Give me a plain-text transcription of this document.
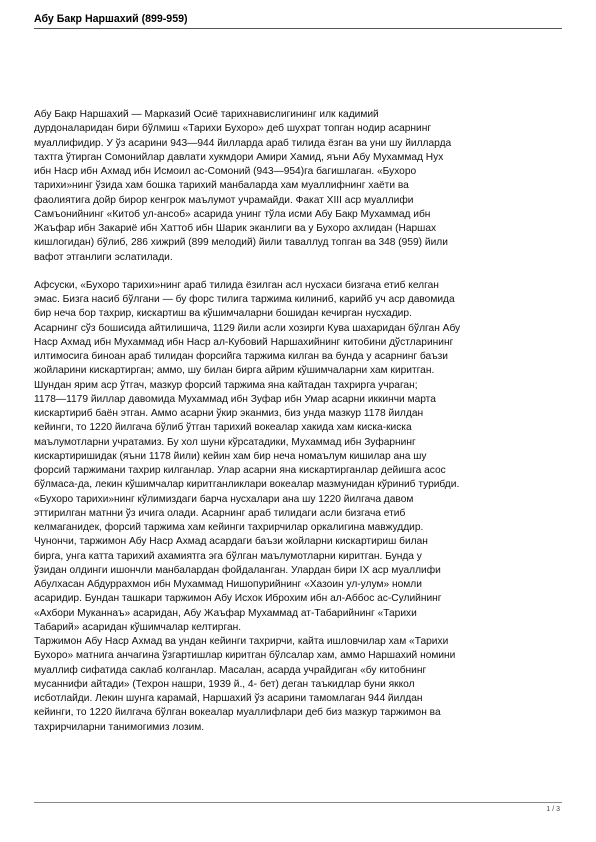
Абу Бакр Наршахий (899-959)

Абу Бакр Наршахий — Марказий Осиё тарихнавислигининг илк кадимий
дурдоналаридан бири бўлмиш «Тарихи Бухоро» деб шухрат топган нодир асарнинг
муаллифидир. У ўз асарини 943—944 йилларда араб тилида ёзган ва уни шу йилларда
тахтга ўтирган Сомонийлар давлати хукмдори Амири Хамид, яъни Абу Мухаммад Нух
ибн Наср ибн Ахмад ибн Исмоил ас-Сомоний (943—954)га багишлаган. «Бухоро
тарихи»нинг ўзида хам бошка тарихий манбаларда хам муаллифнинг хаёти ва
фаолиятига дойр бирор кенгрок маълумот учрамайди. Факат XIII аср муаллифи
Самъонийнинг «Китоб ул-ансоб» асарида унинг тўла исми Абу Бакр Мухаммад ибн
Жаъфар ибн Закариё ибн Хаттоб ибн Шарик эканлиги ва у Бухоро ахлидан (Наршах
кишлогидан) бўлиб, 286 хижрий (899 мелодий) йили таваллуд топган ва 348 (959) йили
вафот этганлиги эслатилади.

Афсуски, «Бухоро тарихи»нинг араб тилида ёзилган асл нусхаси бизгача етиб келган
эмас. Бизга насиб бўлгани — бу форс тилига таржима килиниб, карийб уч аср давомида
бир неча бор тахрир, кискартиш ва кўшимчаларни бошидан кечирган нусхадир.
Асарнинг сўз бошисида айтилишича, 1129 йили асли хозирги Кува шахаридан бўлган Абу
Наср Ахмад ибн Мухаммад ибн Наср ал-Кубовий Наршахийнинг китобини дўстларининг
илтимосига биноан араб тилидан форсийга таржима килган ва бунда у асарнинг баъзи
жойларини кискартирган; аммо, шу билан бирга айрим кўшимчаларни хам киритган.
Шундан ярим аср ўтгач, мазкур форсий таржима яна кайтадан тахрирга учраган;
1178—1179 йиллар давомида Мухаммад ибн Зуфар ибн Умар асарни иккинчи марта
кискартириб баён этган. Аммо асарни ўкир эканмиз, биз унда мазкур 1178 йилдан
кейинги, то 1220 йилгача бўлиб ўтган тарихий вокеалар хакида хам киска-киска
маълумотларни учратамиз. Бу хол шуни кўрсатадики, Мухаммад ибн Зуфарнинг
кискартиришидак (яъни 1178 йили) кейин хам бир неча номаълум кишилар ана шу
форсий таржимани тахрир килганлар. Улар асарни яна кискартирганлар дейишга асос
бўлмаса-да, лекин кўшимчалар киритганликлари вокеалар мазмунидан кўриниб турибди.
«Бухоро тарихи»нинг кўлимиздаги барча нусхалари ана шу 1220 йилгача давом
эттирилган матнни ўз ичига олади. Асарнинг араб тилидаги асли бизгача етиб
келмаганидек, форсий таржима хам кейинги тахрирчилар оркалигина мавжуддир.
Чунончи, таржимон Абу Наср Ахмад асардаги баъзи жойларни кискартириш билан
бирга, унга катта тарихий ахамиятга эга бўлган маълумотларни киритган. Бунда у
ўзидан олдинги ишончли манбалардан фойдаланган. Улардан бири IX аср муаллифи
Абулхасан Абдуррахмон ибн Мухаммад Нишопурийнинг «Хазоин ул-улум» номли
асаридир. Бундан ташкари таржимон Абу Исхок Иброхим ибн ал-Аббос ас-Сулийнинг
«Ахбори Муканнаъ» асаридан, Абу Жаъфар Мухаммад ат-Табарийнинг «Тарихи
Табарий» асаридан кўшимчалар келтирган.
Таржимон Абу Наср Ахмад ва ундан кейинги тахрирчи, кайта ишловчилар хам «Тарихи
Бухоро» матнига анчагина ўзгартишлар киритган бўлсалар хам, аммо Наршахий номини
муаллиф сифатида саклаб колганлар. Масалан, асарда учрайдиган «бу китобнинг
мусаннифи айтади» (Техрон нашри, 1939 й., 4- бет) деган таъкидлар буни яккол
исботлайди. Лекин шунга карамай, Наршахий ўз асарини тамомлаган 944 йилдан
кейинги, то 1220 йилгача бўлган вокеалар муаллифлари деб биз мазкур таржимон ва
тахрирчиларни танимогимиз лозим.

1 / 3
